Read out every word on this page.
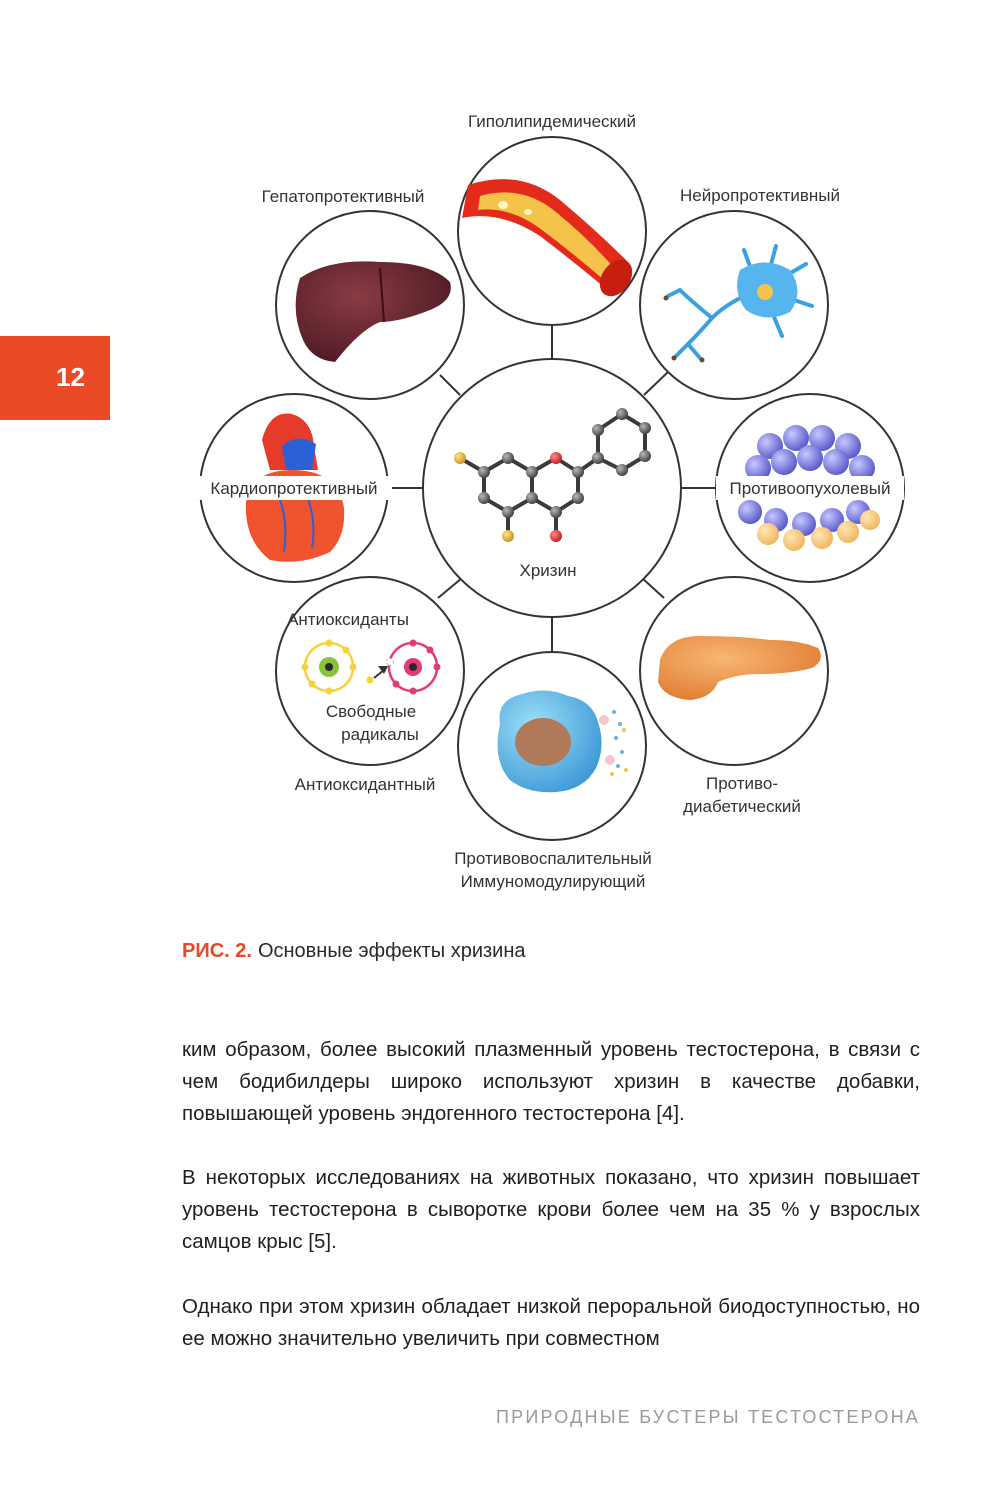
12
Хризин
Гиполипидемический
Гепатопротективный	Нейропротективный
Кардиопротективный	Противоопухолевый
Антиоксиданты
Свободные
радикалы
Антиоксидантный	Противо-
диабетический
Противовоспалительный
Иммуномодулирующий
РИС. 2. Основные эффекты хризина

ким образом, более высокий плазменный уровень тестостерона, в связи с чем бодибилдеры широко используют хризин в качестве добавки, повышающей уровень эндогенного тестостерона [4].

В некоторых исследованиях на животных показано, что хризин повышает уровень тестостерона в сыворотке крови более чем на 35 % у взрослых самцов крыс [5].

Однако при этом хризин обладает низкой пероральной биодоступностью, но ее можно значительно увеличить при совместном

ПРИРОДНЫЕ БУСТЕРЫ ТЕСТОСТЕРОНА
